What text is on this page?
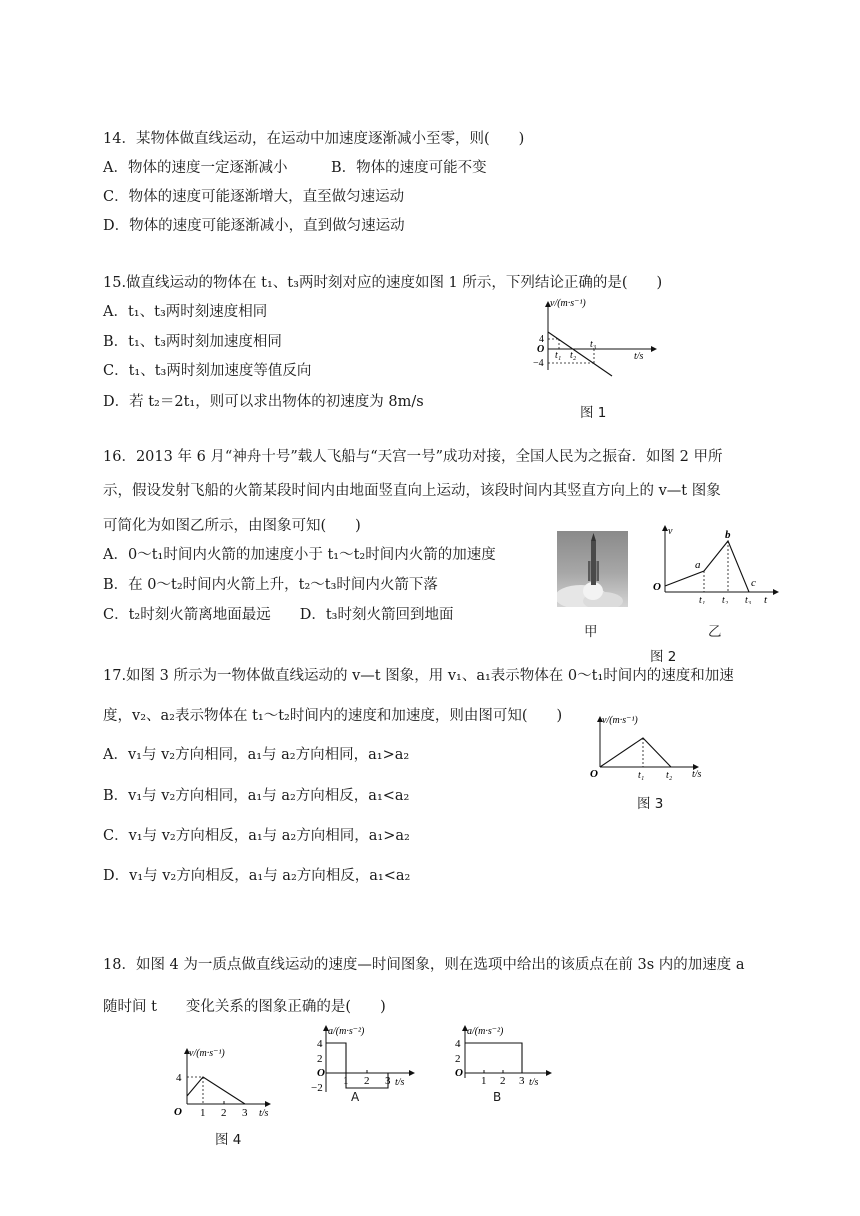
14．某物体做直线运动，在运动中加速度逐渐减小至零，则(　　)
A．物体的速度一定逐渐减小　　　B．物体的速度可能不变
C．物体的速度可能逐渐增大，直至做匀速运动
D．物体的速度可能逐渐减小，直到做匀速运动
15.做直线运动的物体在 t₁、t₃两时刻对应的速度如图 1 所示，下列结论正确的是(　　)
A．t₁、t₃两时刻速度相同
B．t₁、t₃两时刻加速度相同
C．t₁、t₃两时刻加速度等值反向
D．若 t₂＝2t₁，则可以求出物体的初速度为 8m/s
v/(m·s⁻¹)
t/s
4
−4
O
t₁ t₂
t₃
图 1
16．2013 年 6 月“神舟十号”载人飞船与“天宫一号”成功对接，全国人民为之振奋．如图 2 甲所
示，假设发射飞船的火箭某段时间内由地面竖直向上运动，该段时间内其竖直方向上的 v—t 图象
可简化为如图乙所示，由图象可知(　　)
A．0～t₁时间内火箭的加速度小于 t₁～t₂时间内火箭的加速度
B．在 0～t₂时间内火箭上升，t₂～t₃时间内火箭下落
C．t₂时刻火箭离地面最远　　D．t₃时刻火箭回到地面
v
t
O
a
b
c
t₁ t₂ t₃
甲	乙
图 2
17.如图 3 所示为一物体做直线运动的 v—t 图象，用 v₁、a₁表示物体在 0～t₁时间内的速度和加速
度，v₂、a₂表示物体在 t₁～t₂时间内的速度和加速度，则由图可知(　　)
A．v₁与 v₂方向相同，a₁与 a₂方向相同，a₁>a₂
B．v₁与 v₂方向相同，a₁与 a₂方向相反，a₁<a₂
C．v₁与 v₂方向相反，a₁与 a₂方向相同，a₁>a₂
D．v₁与 v₂方向相反，a₁与 a₂方向相反，a₁<a₂
v/(m·s⁻¹)
t/s
O	t₁ t₂
图 3
18．如图 4 为一质点做直线运动的速度—时间图象，则在选项中给出的该质点在前 3s 内的加速度 a
随时间 t　　变化关系的图象正确的是(　　)
v/(m·s⁻¹)
t/s
4
O 1 2 3
图 4
a/(m·s⁻²)
t/s
4
2
O
−2
1 2 3
A
a/(m·s⁻²)
t/s
4
2
O
1 2 3
B
